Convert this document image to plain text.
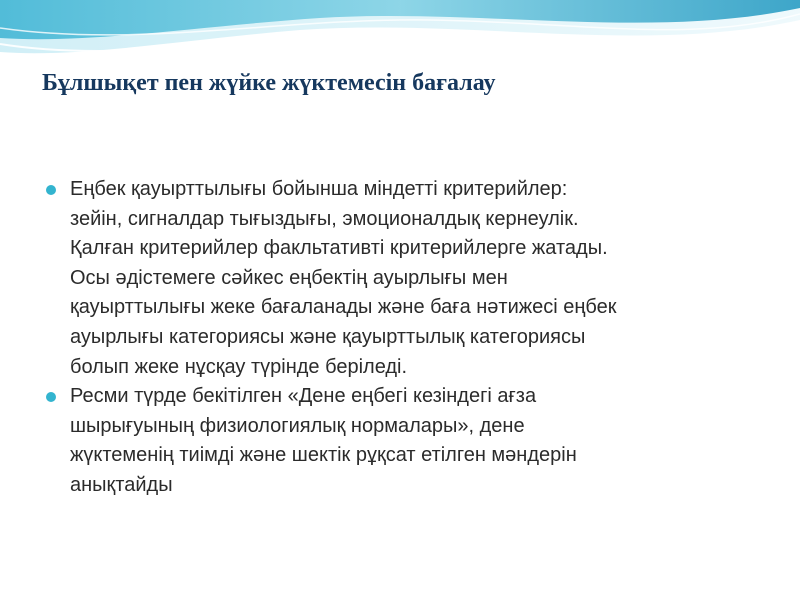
Бұлшықет пен жүйке жүктемесін бағалау
Еңбек қауырттылығы бойынша міндетті критерийлер:
зейін, сигналдар тығыздығы, эмоционалдық кернеулік.
Қалған критерийлер факльтативті критерийлерге жатады.
Осы әдістемеге сәйкес еңбектің ауырлығы мен
қауырттылығы жеке бағаланады және баға нәтижесі еңбек
ауырлығы категориясы және қауырттылық категориясы
болып жеке нұсқау түрінде беріледі.
Ресми түрде бекітілген «Дене еңбегі кезіндегі ағза
шырығуының физиологиялық нормалары», дене
жүктеменің тиімді және шектік рұқсат етілген мәндерін
анықтайды
